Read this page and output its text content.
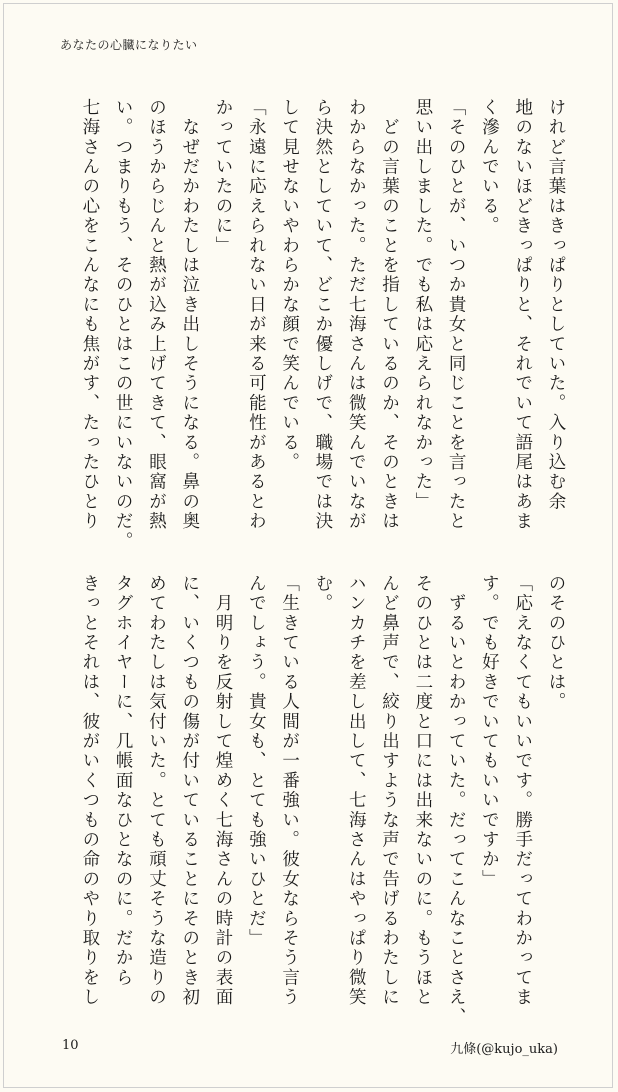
あなたの心臓になりたい
けれど言葉はきっぱりとしていた。入り込む余
地のないほどきっぱりと、それでいて語尾はあま
く滲んでいる。
「そのひとが、いつか貴女と同じことを言ったと
思い出しました。でも私は応えられなかった」
　どの言葉のことを指しているのか、そのときは
わからなかった。ただ七海さんは微笑んでいなが
ら決然としていて、どこか優しげで、職場では決
して見せないやわらかな顔で笑んでいる。
「永遠に応えられない日が来る可能性があるとわ
かっていたのに」
　なぜだかわたしは泣き出しそうになる。鼻の奥
のほうからじんと熱が込み上げてきて、眼窩が熱
い。つまりもう、そのひとはこの世にいないのだ。
七海さんの心をこんなにも焦がす、たったひとり
のそのひとは。
「応えなくてもいいです。勝手だってわかってま
す。でも好きでいてもいいですか」
　ずるいとわかっていた。だってこんなことさえ、
そのひとは二度と口には出来ないのに。もうほと
んど鼻声で、絞り出すような声で告げるわたしに
ハンカチを差し出して、七海さんはやっぱり微笑
む。
「生きている人間が一番強い。彼女ならそう言う
んでしょう。貴女も、とても強いひとだ」
　月明りを反射して煌めく七海さんの時計の表面
に、いくつもの傷が付いていることにそのとき初
めてわたしは気付いた。とても頑丈そうな造りの
タグホイヤーに、几帳面なひとなのに。だから
きっとそれは、彼がいくつもの命のやり取りをし
10	九條(@kujo_uka)
